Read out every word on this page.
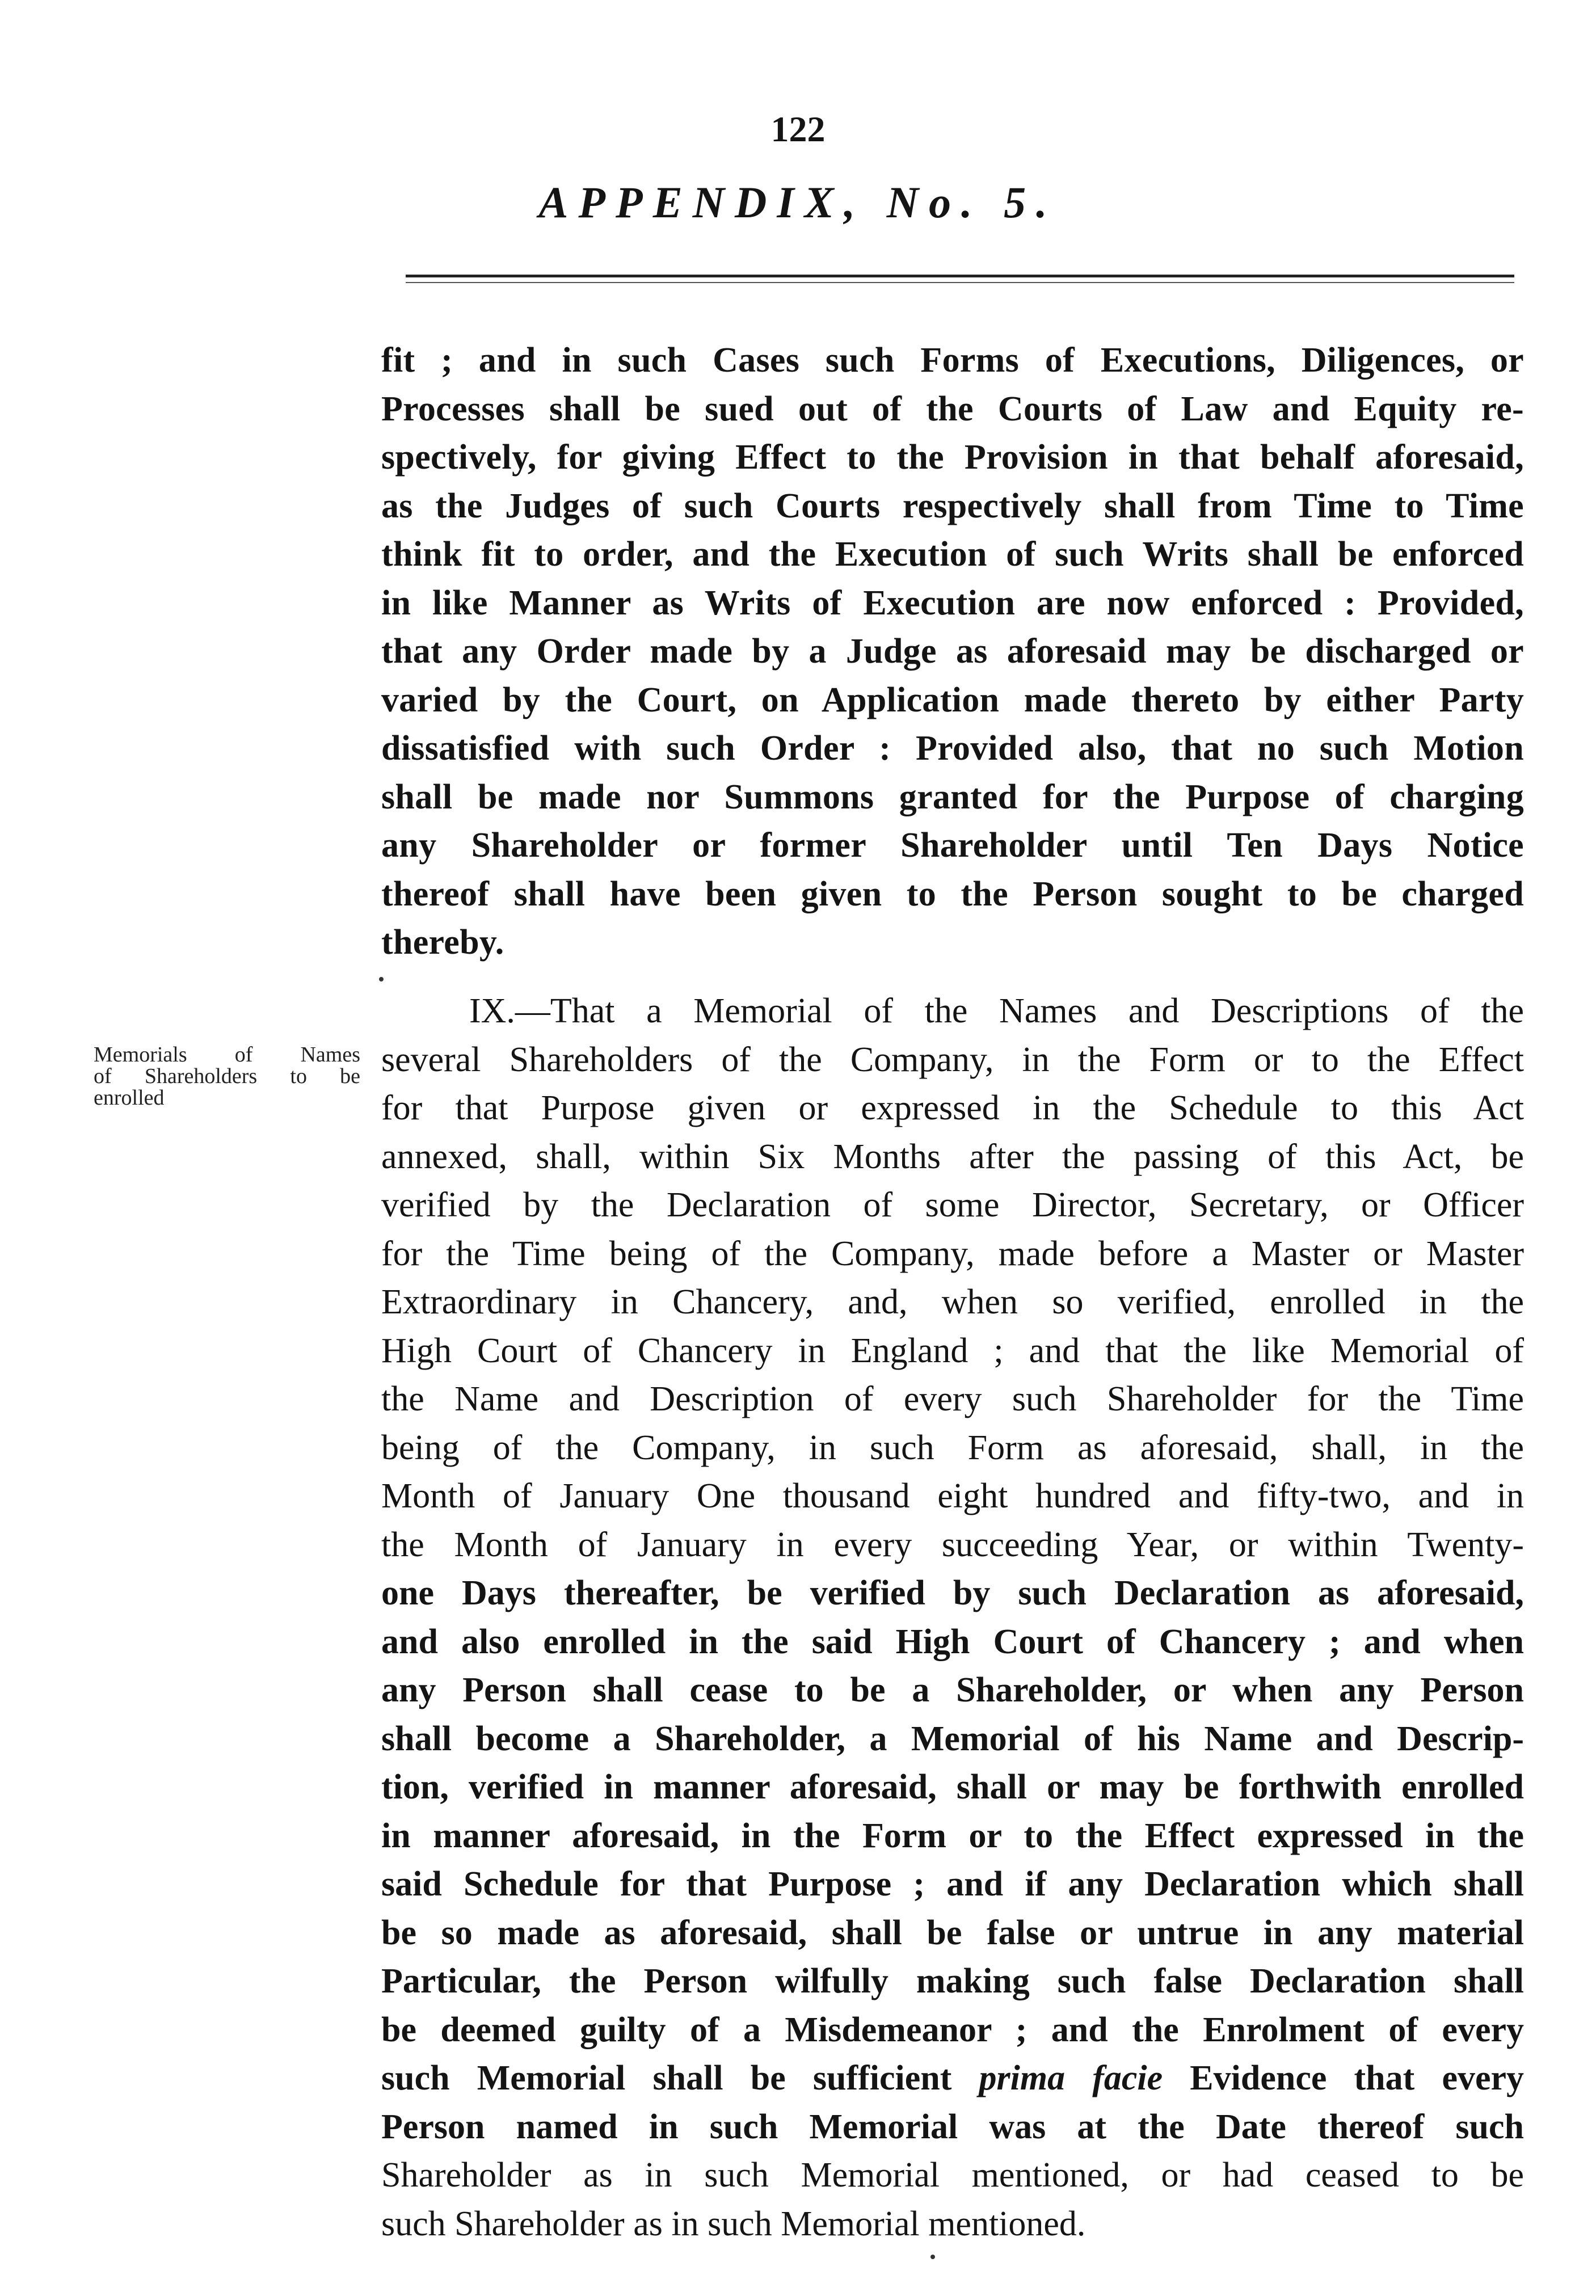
122
APPENDIX, No. 5.
fit ; and in such Cases such Forms of Executions, Diligences, or
Processes shall be sued out of the Courts of Law and Equity re-
spectively, for giving Effect to the Provision in that behalf aforesaid,
as the Judges of such Courts respectively shall from Time to Time
think fit to order, and the Execution of such Writs shall be enforced
in like Manner as Writs of Execution are now enforced : Provided,
that any Order made by a Judge as aforesaid may be discharged or
varied by the Court, on Application made thereto by either Party
dissatisfied with such Order : Provided also, that no such Motion
shall be made nor Summons granted for the Purpose of charging
any Shareholder or former Shareholder until Ten Days Notice
thereof shall have been given to the Person sought to be charged
thereby.
Memorials of Names
of Shareholders to be
enrolled
IX.—That a Memorial of the Names and Descriptions of the
several Shareholders of the Company, in the Form or to the Effect
for that Purpose given or expressed in the Schedule to this Act
annexed, shall, within Six Months after the passing of this Act, be
verified by the Declaration of some Director, Secretary, or Officer
for the Time being of the Company, made before a Master or Master
Extraordinary in Chancery, and, when so verified, enrolled in the
High Court of Chancery in England ; and that the like Memorial of
the Name and Description of every such Shareholder for the Time
being of the Company, in such Form as aforesaid, shall, in the
Month of January One thousand eight hundred and fifty-two, and in
the Month of January in every succeeding Year, or within Twenty-
one Days thereafter, be verified by such Declaration as aforesaid,
and also enrolled in the said High Court of Chancery ; and when
any Person shall cease to be a Shareholder, or when any Person
shall become a Shareholder, a Memorial of his Name and Descrip-
tion, verified in manner aforesaid, shall or may be forthwith enrolled
in manner aforesaid, in the Form or to the Effect expressed in the
said Schedule for that Purpose ; and if any Declaration which shall
be so made as aforesaid, shall be false or untrue in any material
Particular, the Person wilfully making such false Declaration shall
be deemed guilty of a Misdemeanor ; and the Enrolment of every
such Memorial shall be sufficient prima facie Evidence that every
Person named in such Memorial was at the Date thereof such
Shareholder as in such Memorial mentioned, or had ceased to be
such Shareholder as in such Memorial mentioned.
